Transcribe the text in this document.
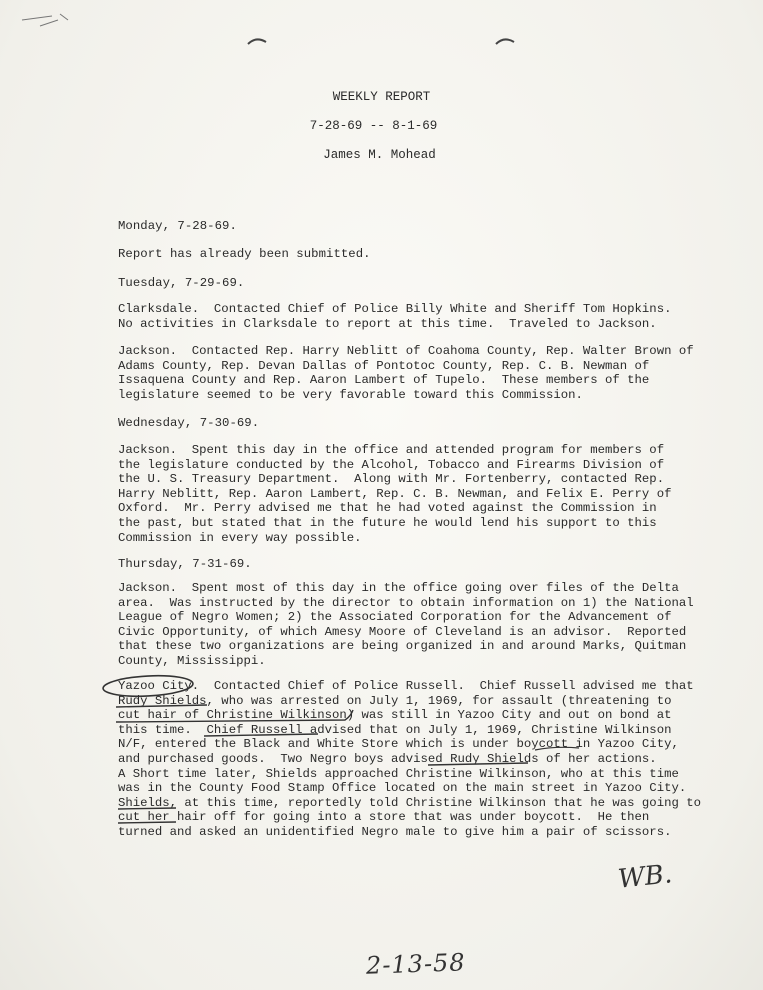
WEEKLY REPORT
7-28-69 -- 8-1-69
James M. Mohead
Monday, 7-28-69.
Report has already been submitted.
Tuesday, 7-29-69.
Clarksdale.  Contacted Chief of Police Billy White and Sheriff Tom Hopkins.
No activities in Clarksdale to report at this time.  Traveled to Jackson.
Jackson.  Contacted Rep. Harry Neblitt of Coahoma County, Rep. Walter Brown of
Adams County, Rep. Devan Dallas of Pontotoc County, Rep. C. B. Newman of
Issaquena County and Rep. Aaron Lambert of Tupelo.  These members of the
legislature seemed to be very favorable toward this Commission.
Wednesday, 7-30-69.
Jackson.  Spent this day in the office and attended program for members of
the legislature conducted by the Alcohol, Tobacco and Firearms Division of
the U. S. Treasury Department.  Along with Mr. Fortenberry, contacted Rep.
Harry Neblitt, Rep. Aaron Lambert, Rep. C. B. Newman, and Felix E. Perry of
Oxford.  Mr. Perry advised me that he had voted against the Commission in
the past, but stated that in the future he would lend his support to this
Commission in every way possible.
Thursday, 7-31-69.
Jackson.  Spent most of this day in the office going over files of the Delta
area.  Was instructed by the director to obtain information on 1) the National
League of Negro Women; 2) the Associated Corporation for the Advancement of
Civic Opportunity, of which Amesy Moore of Cleveland is an advisor.  Reported
that these two organizations are being organized in and around Marks, Quitman
County, Mississippi.
Yazoo City.  Contacted Chief of Police Russell.  Chief Russell advised me that
Rudy Shields, who was arrested on July 1, 1969, for assault (threatening to
cut hair of Christine Wilkinson) was still in Yazoo City and out on bond at
this time.  Chief Russell advised that on July 1, 1969, Christine Wilkinson
N/F, entered the Black and White Store which is under boycott in Yazoo City,
and purchased goods.  Two Negro boys advised Rudy Shields of her actions.
A Short time later, Shields approached Christine Wilkinson, who at this time
was in the County Food Stamp Office located on the main street in Yazoo City.
Shields, at this time, reportedly told Christine Wilkinson that he was going to
cut her hair off for going into a store that was under boycott.  He then
turned and asked an unidentified Negro male to give him a pair of scissors.
WB.
2-13-58
